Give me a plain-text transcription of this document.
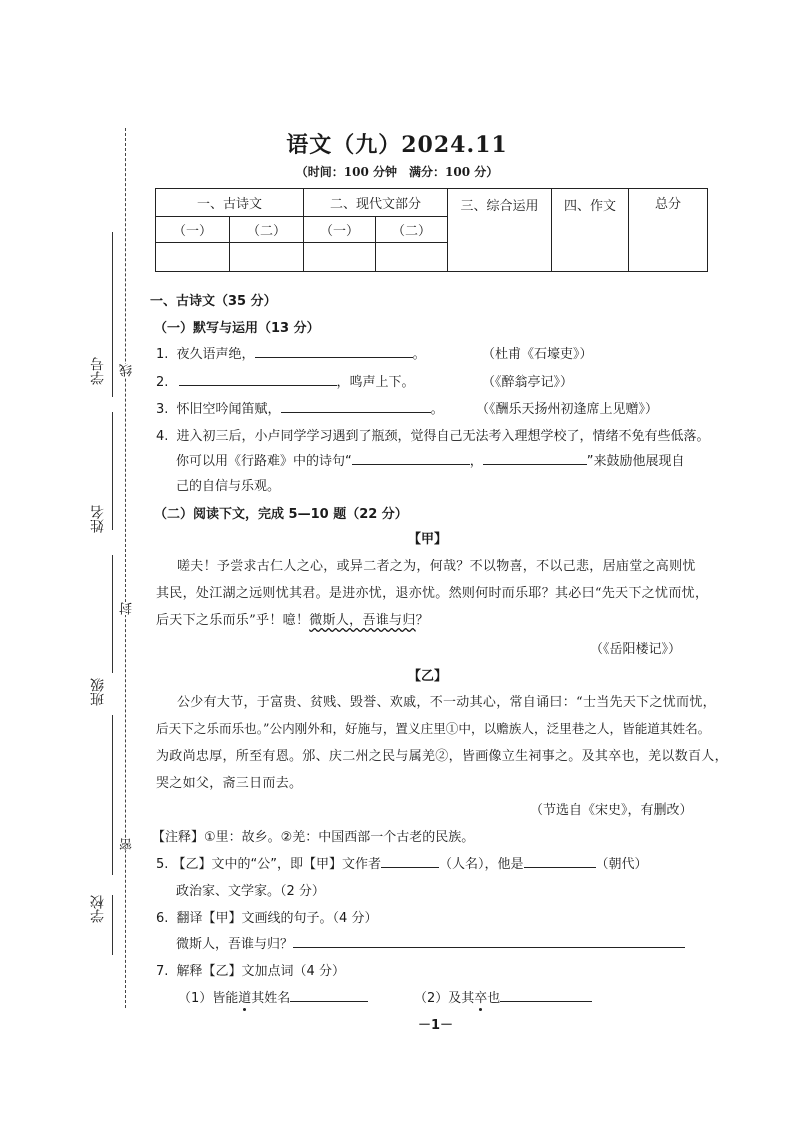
学号
姓名
班级
学校
线
封
密
语文（九）2024.11
（时间：100 分钟　满分：100 分）
一、古诗文		二、现代文部分		三、综合运用	四、作文	总分
（一）	（二）	（一）	（二）			

一、古诗文（35 分）
（一）默写与运用（13 分）
1. 夜久语声绝，	。	（杜甫《石壕吏》）
2.	，鸣声上下。	（《醉翁亭记》）
3. 怀旧空吟闻笛赋，	。 （《酬乐天扬州初逢席上见赠》）
4. 进入初三后，小卢同学学习遇到了瓶颈，觉得自己无法考入理想学校了，情绪不免有些低落。
你可以用《行路难》中的诗句“	，	”来鼓励他展现自
己的自信与乐观。
（二）阅读下文，完成 5—10 题（22 分）
【甲】
嗟夫！予尝求古仁人之心，或异二者之为，何哉？不以物喜，不以己悲，居庙堂之高则忧
其民，处江湖之远则忧其君。是进亦忧，退亦忧。然则何时而乐耶？其必曰“先天下之忧而忧，
后天下之乐而乐”乎！噫！微斯人，吾谁与归？
（《岳阳楼记》）
【乙】
公少有大节，于富贵、贫贱、毁誉、欢戚，不一动其心，常自诵曰：“士当先天下之忧而忧，
后天下之乐而乐也。”公内刚外和，好施与，置义庄里①中，以赡族人，泛里巷之人，皆能道其姓名。
为政尚忠厚，所至有恩。邠、庆二州之民与属羌②，皆画像立生祠事之。及其卒也，羌以数百人，
哭之如父，斋三日而去。
（节选自《宋史》，有删改）
【注释】①里：故乡。②羌：中国西部一个古老的民族。
5. 【乙】文中的“公”，即【甲】文作者	（人名），他是	（朝代）
政治家、文学家。（2 分）
6. 翻译【甲】文画线的句子。（4 分）
微斯人，吾谁与归？
7. 解释【乙】文加点词（4 分）
（1）皆能道其姓名	（2）及其卒也
－1－
